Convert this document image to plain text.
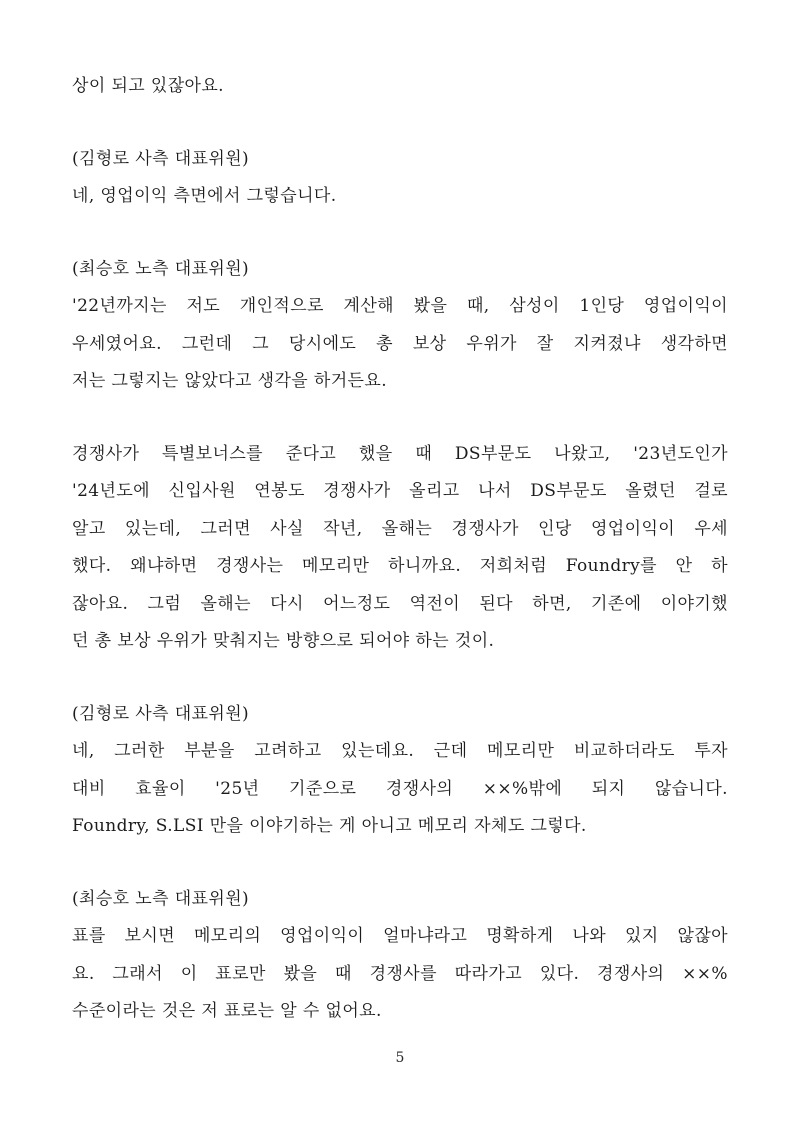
상이 되고 있잖아요.
(김형로 사측 대표위원)
네, 영업이익 측면에서 그렇습니다.
(최승호 노측 대표위원)
'22년까지는 저도 개인적으로 계산해 봤을 때, 삼성이 1인당 영업이익이
우세였어요. 그런데 그 당시에도 총 보상 우위가 잘 지켜졌냐 생각하면
저는 그렇지는 않았다고 생각을 하거든요.
경쟁사가 특별보너스를 준다고 했을 때 DS부문도 나왔고, '23년도인가
'24년도에 신입사원 연봉도 경쟁사가 올리고 나서 DS부문도 올렸던 걸로
알고 있는데, 그러면 사실 작년, 올해는 경쟁사가 인당 영업이익이 우세
했다. 왜냐하면 경쟁사는 메모리만 하니까요. 저희처럼 Foundry를 안 하
잖아요. 그럼 올해는 다시 어느정도 역전이 된다 하면, 기존에 이야기했
던 총 보상 우위가 맞춰지는 방향으로 되어야 하는 것이.
(김형로 사측 대표위원)
네, 그러한 부분을 고려하고 있는데요. 근데 메모리만 비교하더라도 투자
대비 효율이 '25년 기준으로 경쟁사의 ××%밖에 되지 않습니다.
Foundry, S.LSI 만을 이야기하는 게 아니고 메모리 자체도 그렇다.
(최승호 노측 대표위원)
표를 보시면 메모리의 영업이익이 얼마냐라고 명확하게 나와 있지 않잖아
요. 그래서 이 표로만 봤을 때 경쟁사를 따라가고 있다. 경쟁사의 ××%
수준이라는 것은 저 표로는 알 수 없어요.
5
